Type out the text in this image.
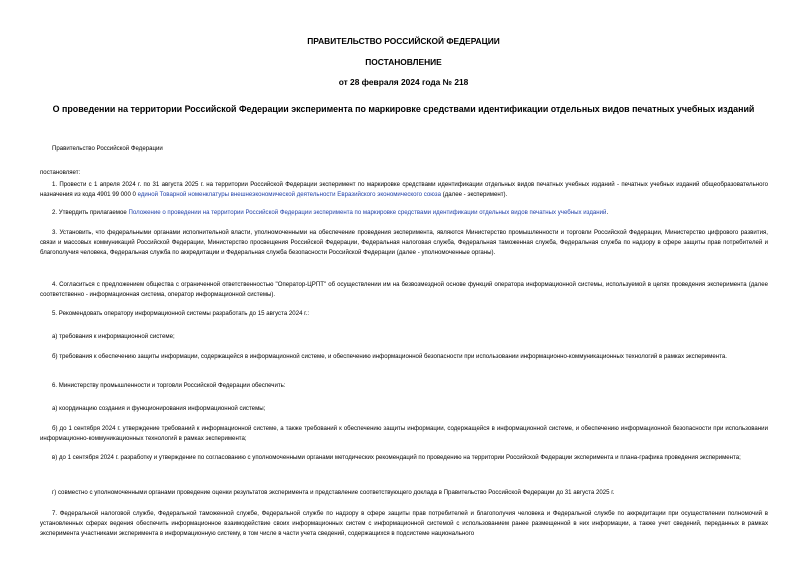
ПРАВИТЕЛЬСТВО РОССИЙСКОЙ ФЕДЕРАЦИИ
ПОСТАНОВЛЕНИЕ
от 28 февраля 2024 года № 218
О проведении на территории Российской Федерации эксперимента по маркировке средствами идентификации отдельных видов печатных учебных изданий
Правительство Российской Федерации
постановляет:
1. Провести с 1 апреля 2024 г. по 31 августа 2025 г. на территории Российской Федерации эксперимент по маркировке средствами идентификации отдельных видов печатных учебных изданий - печатных учебных изданий общеобразовательного назначения из кода 4901 99 000 0 единой Товарной номенклатуры внешнеэкономической деятельности Евразийского экономического союза (далее - эксперимент).
2. Утвердить прилагаемое Положение о проведении на территории Российской Федерации эксперимента по маркировке средствами идентификации отдельных видов печатных учебных изданий.
3. Установить, что федеральными органами исполнительной власти, уполномоченными на обеспечение проведения эксперимента, являются Министерство промышленности и торговли Российской Федерации, Министерство цифрового развития, связи и массовых коммуникаций Российской Федерации, Министерство просвещения Российской Федерации, Федеральная налоговая служба, Федеральная таможенная служба, Федеральная служба по надзору в сфере защиты прав потребителей и благополучия человека, Федеральная служба по аккредитации и Федеральная служба безопасности Российской Федерации (далее - уполномоченные органы).
4. Согласиться с предложением общества с ограниченной ответственностью "Оператор-ЦРПТ" об осуществлении им на безвозмездной основе функций оператора информационной системы, используемой в целях проведения эксперимента (далее соответственно - информационная система, оператор информационной системы).
5. Рекомендовать оператору информационной системы разработать до 15 августа 2024 г.:
а) требования к информационной системе;
б) требования к обеспечению защиты информации, содержащейся в информационной системе, и обеспечению информационной безопасности при использовании информационно-коммуникационных технологий в рамках эксперимента.
6. Министерству промышленности и торговли Российской Федерации обеспечить:
а) координацию создания и функционирования информационной системы;
б) до 1 сентября 2024 г. утверждение требований к информационной системе, а также требований к обеспечению защиты информации, содержащейся в информационной системе, и обеспечению информационной безопасности при использовании информационно-коммуникационных технологий в рамках эксперимента;
в) до 1 сентября 2024 г. разработку и утверждение по согласованию с уполномоченными органами методических рекомендаций по проведению на территории Российской Федерации эксперимента и плана-графика проведения эксперимента;
г) совместно с уполномоченными органами проведение оценки результатов эксперимента и представление соответствующего доклада в Правительство Российской Федерации до 31 августа 2025 г.
7. Федеральной налоговой службе, Федеральной таможенной службе, Федеральной службе по надзору в сфере защиты прав потребителей и благополучия человека и Федеральной службе по аккредитации при осуществлении полномочий в установленных сферах ведения обеспечить информационное взаимодействие своих информационных систем с информационной системой с использованием ранее размещенной в них информации, а также учет сведений, переданных в рамках эксперимента участниками эксперимента в информационную систему, в том числе в части учета сведений, содержащихся в подсистеме национального
